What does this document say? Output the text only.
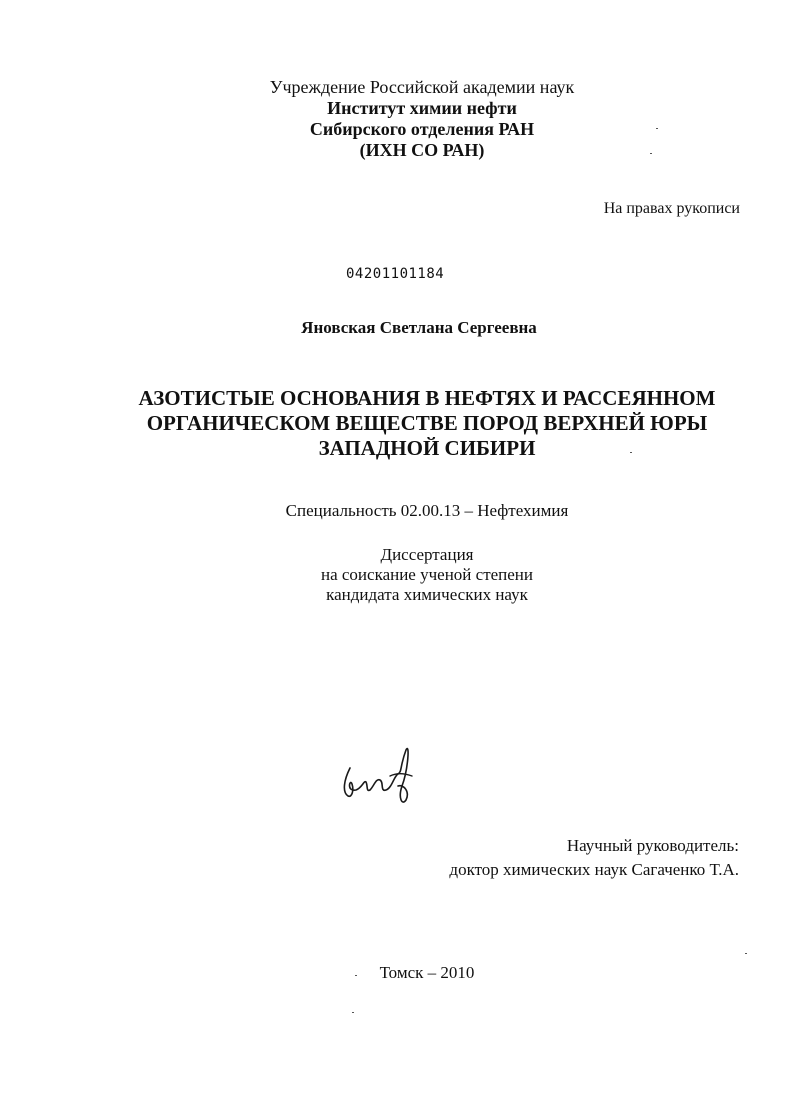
Учреждение Российской академии наук
Институт химии нефти
Сибирского отделения РАН
(ИХН СО РАН)
На правах рукописи
04201101184
Яновская Светлана Сергеевна
АЗОТИСТЫЕ ОСНОВАНИЯ В НЕФТЯХ И РАССЕЯННОМ
ОРГАНИЧЕСКОМ ВЕЩЕСТВЕ ПОРОД ВЕРХНЕЙ ЮРЫ
ЗАПАДНОЙ СИБИРИ
Специальность 02.00.13 – Нефтехимия
Диссертация
на соискание ученой степени
кандидата химических наук
Научный руководитель:
доктор химических наук Сагаченко Т.А.
Томск – 2010
